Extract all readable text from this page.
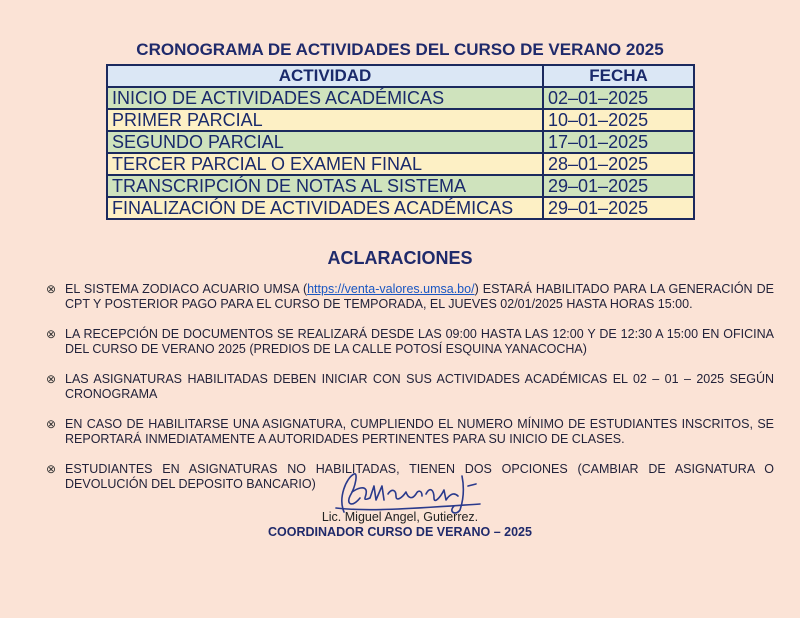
CRONOGRAMA DE ACTIVIDADES DEL CURSO DE VERANO 2025
ACTIVIDAD	FECHA
INICIO DE ACTIVIDADES ACADÉMICAS	02–01–2025
PRIMER PARCIAL	10–01–2025
SEGUNDO PARCIAL	17–01–2025
TERCER PARCIAL O EXAMEN FINAL	28–01–2025
TRANSCRIPCIÓN DE NOTAS AL SISTEMA	29–01–2025
FINALIZACIÓN DE ACTIVIDADES ACADÉMICAS	29–01–2025
ACLARACIONES
⊗ EL SISTEMA ZODIACO ACUARIO UMSA (https://venta-valores.umsa.bo/) ESTARÁ HABILITADO PARA LA GENERACIÓN DE CPT Y POSTERIOR PAGO PARA EL CURSO DE TEMPORADA, EL JUEVES 02/01/2025 HASTA HORAS 15:00.
⊗ LA RECEPCIÓN DE DOCUMENTOS SE REALIZARÁ DESDE LAS 09:00 HASTA LAS 12:00 Y DE 12:30 A 15:00 EN OFICINA DEL CURSO DE VERANO 2025 (PREDIOS DE LA CALLE POTOSÍ ESQUINA YANACOCHA)
⊗ LAS ASIGNATURAS HABILITADAS DEBEN INICIAR CON SUS ACTIVIDADES ACADÉMICAS EL 02 – 01 – 2025 SEGÚN CRONOGRAMA
⊗ EN CASO DE HABILITARSE UNA ASIGNATURA, CUMPLIENDO EL NUMERO MÍNIMO DE ESTUDIANTES INSCRITOS, SE REPORTARÁ INMEDIATAMENTE A AUTORIDADES PERTINENTES PARA SU INICIO DE CLASES.
⊗ ESTUDIANTES EN ASIGNATURAS NO HABILITADAS, TIENEN DOS OPCIONES (CAMBIAR DE ASIGNATURA O DEVOLUCIÓN DEL DEPOSITO BANCARIO)
Lic. Miguel Angel, Gutierrez.
COORDINADOR CURSO DE VERANO – 2025
